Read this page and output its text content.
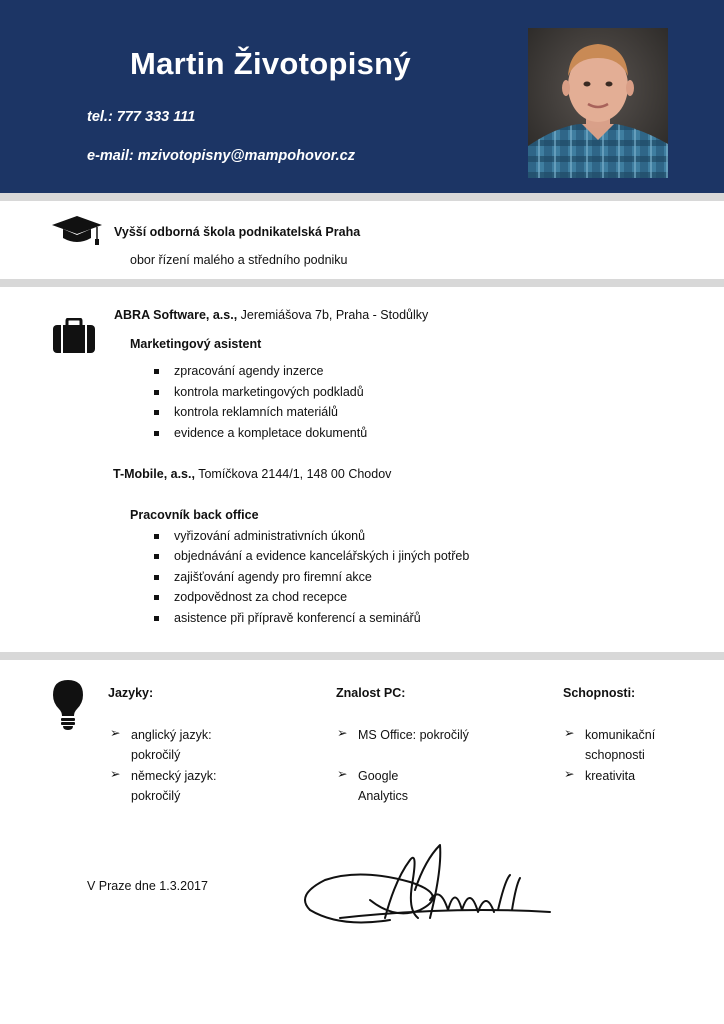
Martin Životopisný
tel.: 777 333 111
e-mail: mzivotopisny@mampohovor.cz
Vyšší odborná škola podnikatelská Praha
obor řízení malého a středního podniku
ABRA Software, a.s., Jeremiášova 7b, Praha - Stodůlky
Marketingový asistent
zpracování agendy inzerce
kontrola marketingových podkladů
kontrola reklamních materiálů
evidence a kompletace dokumentů
T-Mobile, a.s., Tomíčkova 2144/1, 148 00 Chodov
Pracovník back office
vyřizování administrativních úkonů
objednávání a evidence kancelářských i jiných potřeb
zajišťování agendy pro firemní akce
zodpovědnost za chod recepce
asistence při přípravě konferencí a seminářů
Jazyky:	Znalost PC:	Schopnosti:
➢ anglický jazyk: pokročilý
➢ německý jazyk: pokročilý
➢ MS Office: pokročilý
➢ Google Analytics
➢ komunikační schopnosti
➢ kreativita
V Praze dne 1.3.2017
